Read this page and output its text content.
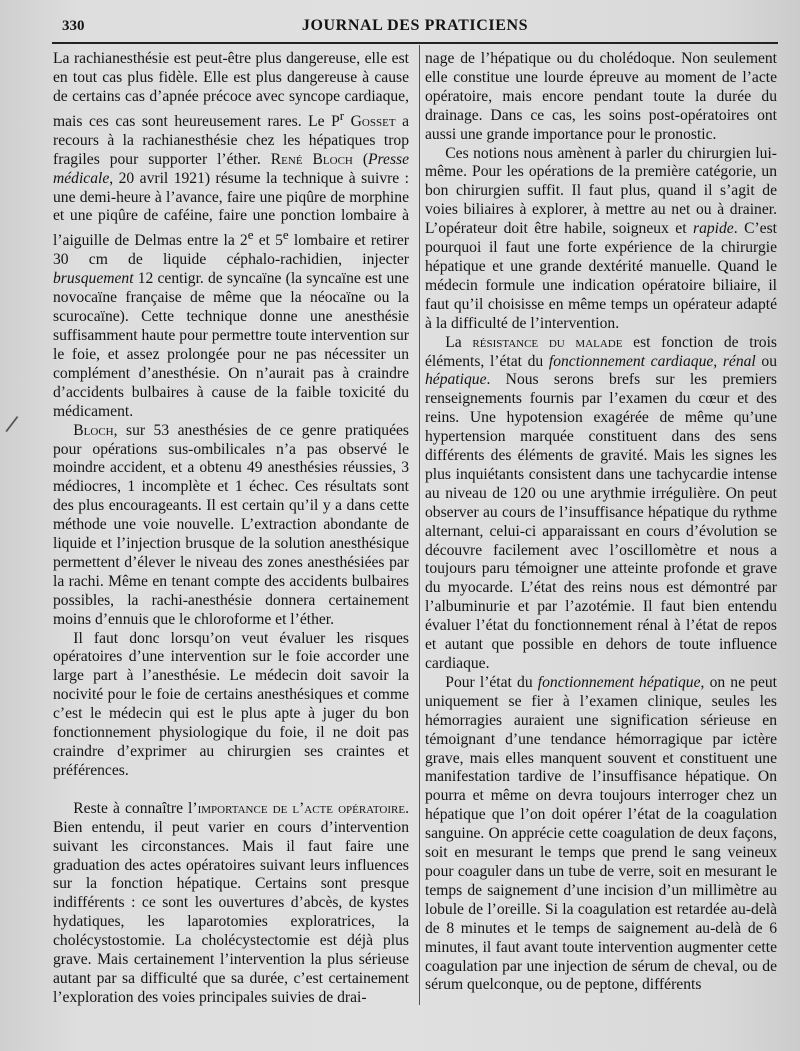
330	JOURNAL DES PRATICIENS
/

La rachianesthésie est peut-être plus dangereuse, elle est en tout cas plus fidèle. Elle est plus dangereuse à cause de certains cas d’apnée précoce avec syncope cardiaque, mais ces cas sont heureusement rares. Le $P^r$ Gosset a recours à la rachianesthésie chez les hépatiques trop fragiles pour supporter l’éther. René Bloch (Presse médicale, 20 avril 1921) résume la technique à suivre : une demi-heure à l’avance, faire une piqûre de morphine et une piqûre de caféine, faire une ponction lombaire à l’aiguille de Delmas entre la 2e et 5e lombaire et retirer 30 cm de liquide céphalo-rachidien, injecter brusquement 12 centigr. de syncaïne (la syncaïne est une novocaïne française de même que la néocaïne ou la scurocaïne). Cette technique donne une anesthésie suffisamment haute pour permettre toute intervention sur le foie, et assez prolongée pour ne pas nécessiter un complément d’anesthésie. On n’aurait pas à craindre d’accidents bulbaires à cause de la faible toxicité du médicament.

Bloch, sur 53 anesthésies de ce genre pratiquées pour opérations sus-ombilicales n’a pas observé le moindre accident, et a obtenu 49 anesthésies réussies, 3 médiocres, 1 incomplète et 1 échec. Ces résultats sont des plus encourageants. Il est certain qu’il y a dans cette méthode une voie nouvelle. L’extraction abondante de liquide et l’injection brusque de la solution anesthésique permettent d’élever le niveau des zones anesthésiées par la rachi. Même en tenant compte des accidents bulbaires possibles, la rachi-anesthésie donnera certainement moins d’ennuis que le chloroforme et l’éther.

Il faut donc lorsqu’on veut évaluer les risques opératoires d’une intervention sur le foie accorder une large part à l’anesthésie. Le médecin doit savoir la nocivité pour le foie de certains anesthésiques et comme c’est le médecin qui est le plus apte à juger du bon fonctionnement physiologique du foie, il ne doit pas craindre d’exprimer au chirurgien ses craintes et préférences.

Reste à connaître l’importance de l’acte opératoire. Bien entendu, il peut varier en cours d’intervention suivant les circonstances. Mais il faut faire une graduation des actes opératoires suivant leurs influences sur la fonction hépatique. Certains sont presque indifférents : ce sont les ouvertures d’abcès, de kystes hydatiques, les laparotomies exploratrices, la cholécystostomie. La cholécystectomie est déjà plus grave. Mais certainement l’intervention la plus sérieuse autant par sa difficulté que sa durée, c’est certainement l’exploration des voies principales suivies de drai-

nage de l’hépatique ou du cholédoque. Non seulement elle constitue une lourde épreuve au moment de l’acte opératoire, mais encore pendant toute la durée du drainage. Dans ce cas, les soins post-opératoires ont aussi une grande importance pour le pronostic.

Ces notions nous amènent à parler du chirurgien lui-même. Pour les opérations de la première catégorie, un bon chirurgien suffit. Il faut plus, quand il s’agit de voies biliaires à explorer, à mettre au net ou à drainer. L’opérateur doit être habile, soigneux et rapide. C’est pourquoi il faut une forte expérience de la chirurgie hépatique et une grande dextérité manuelle. Quand le médecin formule une indication opératoire biliaire, il faut qu’il choisisse en même temps un opérateur adapté à la difficulté de l’intervention.

La résistance du malade est fonction de trois éléments, l’état du fonctionnement cardiaque, rénal ou hépatique. Nous serons brefs sur les premiers renseignements fournis par l’examen du cœur et des reins. Une hypotension exagérée de même qu’une hypertension marquée constituent dans des sens différents des éléments de gravité. Mais les signes les plus inquiétants consistent dans une tachycardie intense au niveau de 120 ou une arythmie irrégulière. On peut observer au cours de l’insuffisance hépatique du rythme alternant, celui-ci apparaissant en cours d’évolution se découvre facilement avec l’oscillomètre et nous a toujours paru témoigner une atteinte profonde et grave du myocarde. L’état des reins nous est démontré par l’albuminurie et par l’azotémie. Il faut bien entendu évaluer l’état du fonctionnement rénal à l’état de repos et autant que possible en dehors de toute influence cardiaque.

Pour l’état du fonctionnement hépatique, on ne peut uniquement se fier à l’examen clinique, seules les hémorragies auraient une signification sérieuse en témoignant d’une tendance hémorragique par ictère grave, mais elles manquent souvent et constituent une manifestation tardive de l’insuffisance hépatique. On pourra et même on devra toujours interroger chez un hépatique que l’on doit opérer l’état de la coagulation sanguine. On apprécie cette coagulation de deux façons, soit en mesurant le temps que prend le sang veineux pour coaguler dans un tube de verre, soit en mesurant le temps de saignement d’une incision d’un millimètre au lobule de l’oreille. Si la coagulation est retardée au-delà de 8 minutes et le temps de saignement au-delà de 6 minutes, il faut avant toute intervention augmenter cette coagulation par une injection de sérum de cheval, ou de sérum quelconque, ou de peptone, différents
